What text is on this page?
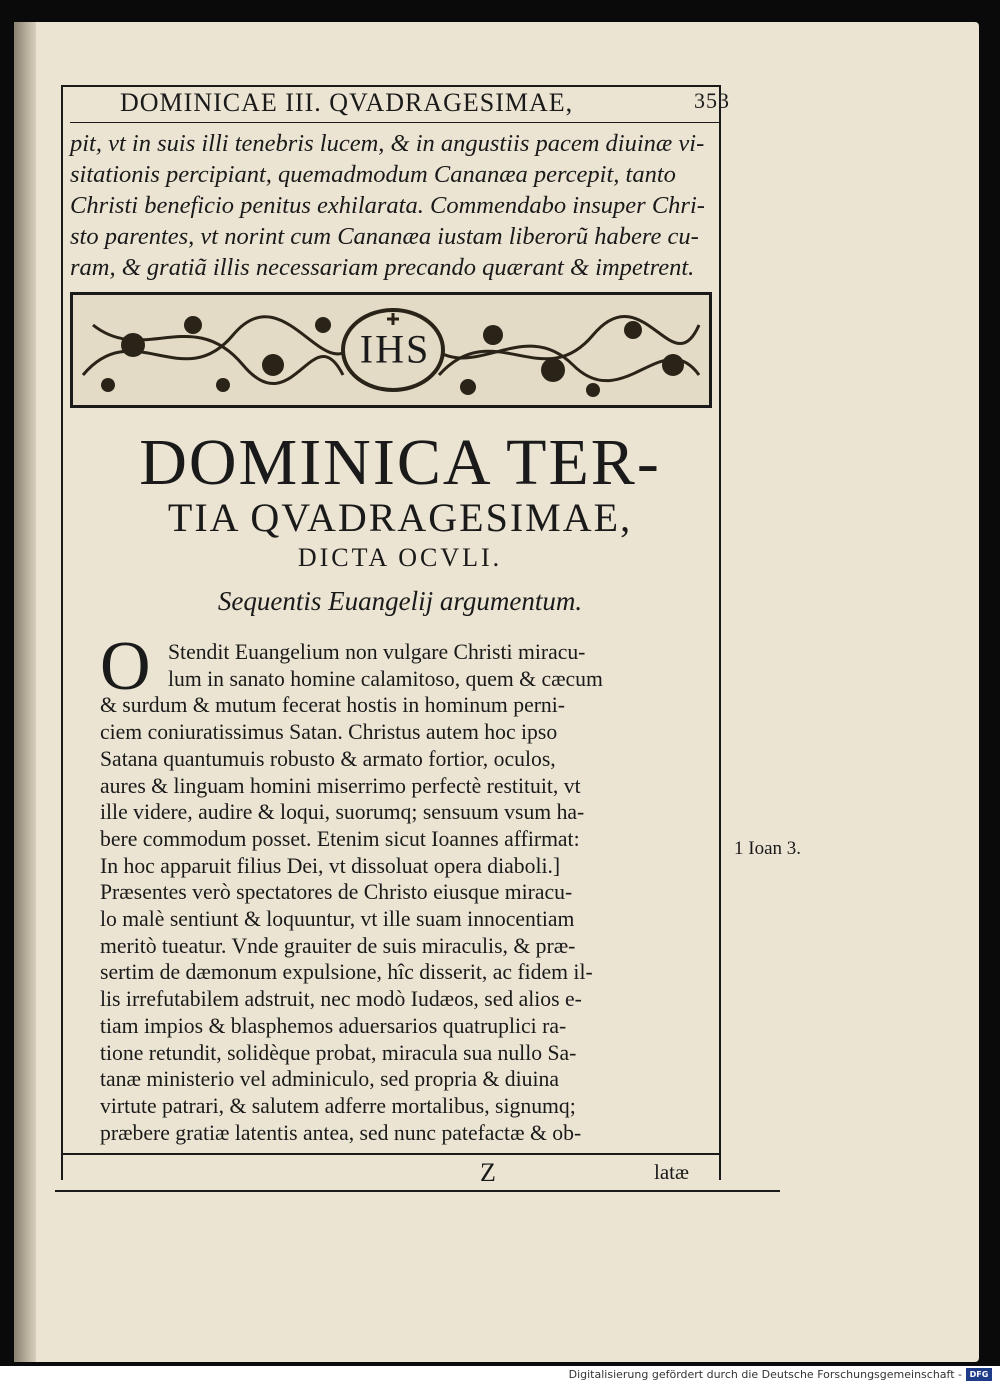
DOMINICAE III. QVADRAGESIMAE,	353
pit, vt in suis illi tenebris lucem, & in angustiis pacem diuinæ vi-
sitationis percipiant, quemadmodum Cananæa percepit, tanto
Christi beneficio penitus exhilarata. Commendabo insuper Chri-
sto parentes, vt norint cum Cananæa iustam liberorũ habere cu-
ram, & gratiã illis necessariam precando quærant & impetrent.
IHS
DOMINICA TER-
TIA QVADRAGESIMAE,
DICTA OCVLI.
Sequentis Euangelij argumentum.
O Stendit Euangelium non vulgare Christi miracu-
lum in sanato homine calamitoso, quem & cæcum
& surdum & mutum fecerat hostis in hominum perni-
ciem coniuratissimus Satan. Christus autem hoc ipso
Satana quantumuis robusto & armato fortior, oculos,
aures & linguam homini miserrimo perfectè restituit, vt
ille videre, audire & loqui, suorumq; sensuum vsum ha-
bere commodum posset. Etenim sicut Ioannes affirmat:
In hoc apparuit filius Dei, vt dissoluat opera diaboli.]
Præsentes verò spectatores de Christo eiusque miracu-
lo malè sentiunt & loquuntur, vt ille suam innocentiam
meritò tueatur. Vnde grauiter de suis miraculis, & præ-
sertim de dæmonum expulsione, hîc disserit, ac fidem il-
lis irrefutabilem adstruit, nec modò Iudæos, sed alios e-
tiam impios & blasphemos aduersarios quatruplici ra-
tione retundit, solidèque probat, miracula sua nullo Sa-
tanæ ministerio vel adminiculo, sed propria & diuina
virtute patrari, & salutem adferre mortalibus, signumq;
præbere gratiæ latentis antea, sed nunc patefactæ & ob-
1 Ioan 3.
Z	latæ
Digitalisierung gefördert durch die Deutsche Forschungsgemeinschaft - DFG
